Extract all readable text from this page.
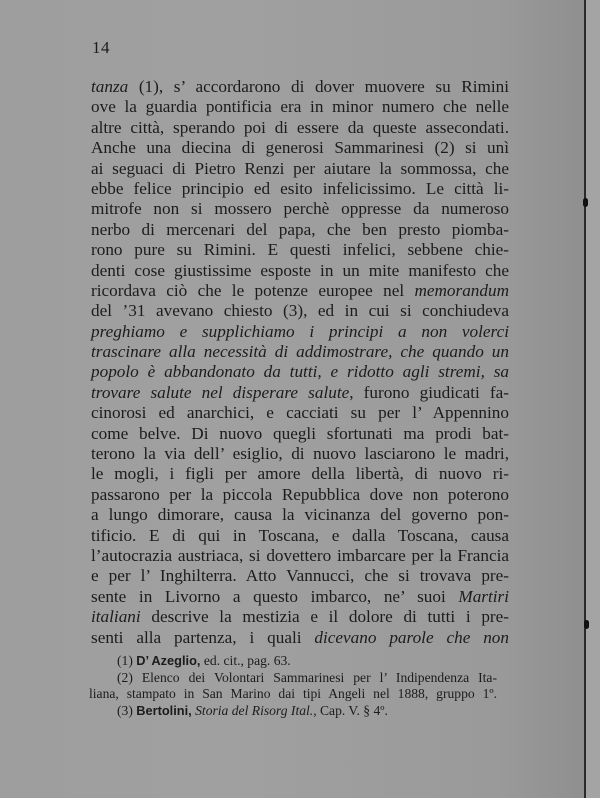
14
tanza (1), s’ accordarono di dover muovere su Rimini
ove la guardia pontificia era in minor numero che nelle
altre città, sperando poi di essere da queste assecondati.
Anche una diecina di generosi Sammarinesi (2) si unì
ai seguaci di Pietro Renzi per aiutare la sommossa, che
ebbe felice principio ed esito infelicissimo. Le città li-
mitrofe non si mossero perchè oppresse da numeroso
nerbo di mercenari del papa, che ben presto piomba-
rono pure su Rimini. E questi infelici, sebbene chie-
denti cose giustissime esposte in un mite manifesto che
ricordava ciò che le potenze europee nel memorandum
del ’31 avevano chiesto (3), ed in cui si conchiudeva
preghiamo e supplichiamo i principi a non volerci
trascinare alla necessità di addimostrare, che quando un
popolo è abbandonato da tutti, e ridotto agli stremi, sa
trovare salute nel disperare salute, furono giudicati fa-
cinorosi ed anarchici, e cacciati su per l’ Appennino
come belve. Di nuovo quegli sfortunati ma prodi bat-
terono la via dell’ esiglio, di nuovo lasciarono le madri,
le mogli, i figli per amore della libertà, di nuovo ri-
passarono per la piccola Repubblica dove non poterono
a lungo dimorare, causa la vicinanza del governo pon-
tificio. E di qui in Toscana, e dalla Toscana, causa
l’autocrazia austriaca, si dovettero imbarcare per la Francia
e per l’ Inghilterra. Atto Vannucci, che si trovava pre-
sente in Livorno a questo imbarco, ne’ suoi Martiri
italiani descrive la mestizia e il dolore di tutti i pre-
senti alla partenza, i quali dicevano parole che non
(1) D’ Azeglio, ed. cit., pag. 63.
(2) Elenco dei Volontari Sammarinesi per l’ Indipendenza Ita-
liana, stampato in San Marino dai tipi Angeli nel 1888, gruppo 1º.
(3) Bertolini, Storia del Risorg Ital., Cap. V. § 4º.
